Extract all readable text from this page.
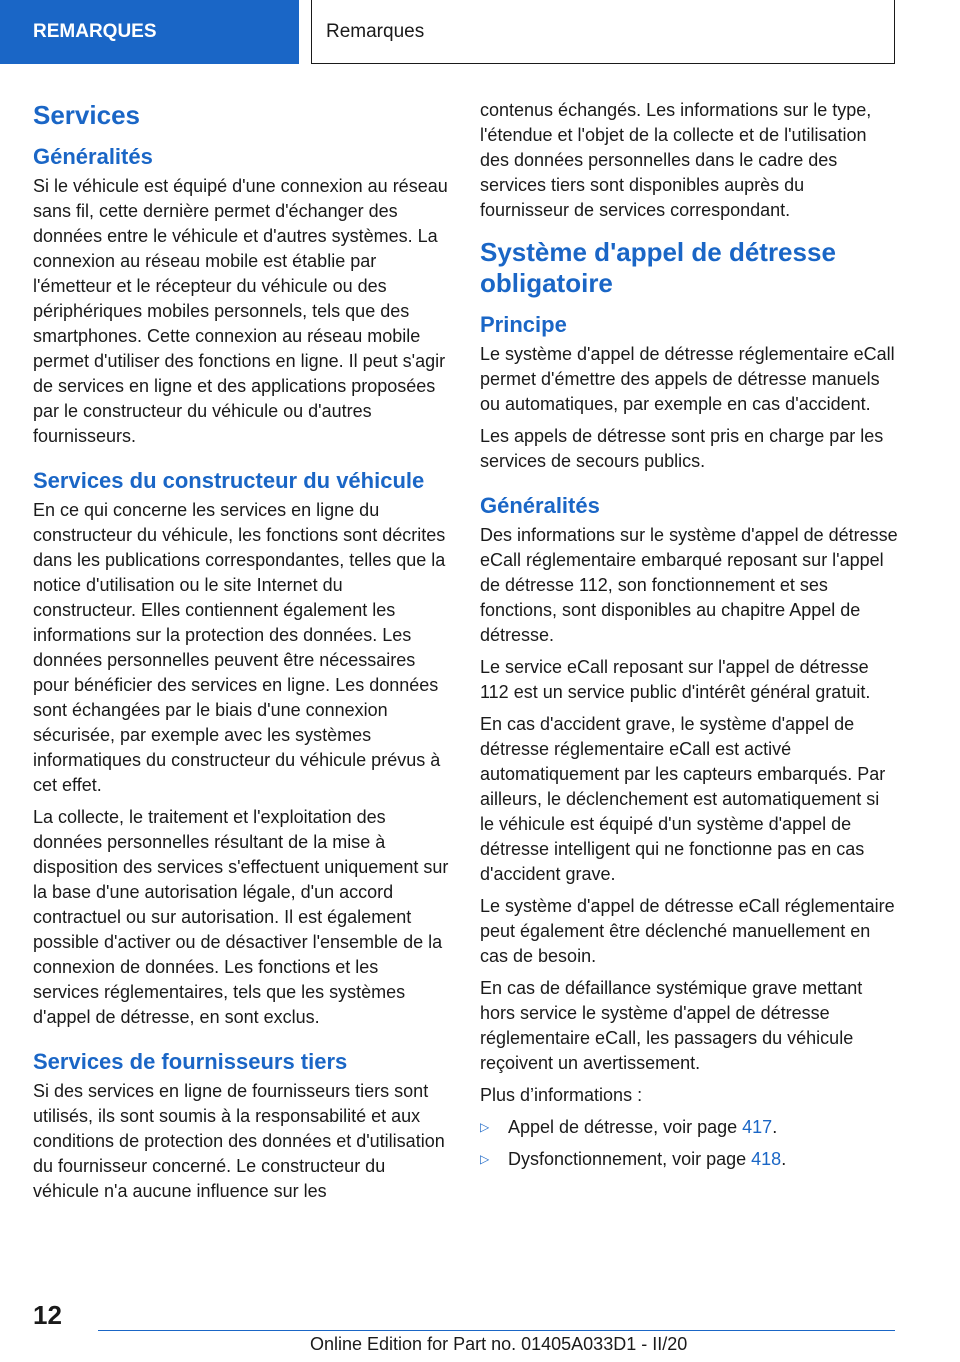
REMARQUES	Remarques
Services
Généralités

Si le véhicule est équipé d'une connexion au réseau sans fil, cette dernière permet d'échanger des données entre le véhicule et d'autres systèmes. La connexion au réseau mobile est établie par l'émetteur et le récepteur du véhicule ou des périphériques mobiles personnels, tels que des smartphones. Cette connexion au réseau mobile permet d'utiliser des fonctions en ligne. Il peut s'agir de services en ligne et des applications proposées par le constructeur du véhicule ou d'autres fournisseurs.

Services du constructeur du véhicule

En ce qui concerne les services en ligne du constructeur du véhicule, les fonctions sont décrites dans les publications correspondantes, telles que la notice d'utilisation ou le site Internet du constructeur. Elles contiennent également les informations sur la protection des données. Les données personnelles peuvent être nécessaires pour bénéficier des services en ligne. Les données sont échangées par le biais d'une connexion sécurisée, par exemple avec les systèmes informatiques du constructeur du véhicule prévus à cet effet.

La collecte, le traitement et l'exploitation des données personnelles résultant de la mise à disposition des services s'effectuent uniquement sur la base d'une autorisation légale, d'un accord contractuel ou sur autorisation. Il est également possible d'activer ou de désactiver l'ensemble de la connexion de données. Les fonctions et les services réglementaires, tels que les systèmes d'appel de détresse, en sont exclus.

Services de fournisseurs tiers

Si des services en ligne de fournisseurs tiers sont utilisés, ils sont soumis à la responsabilité et aux conditions de protection des données et d'utilisation du fournisseur concerné. Le constructeur du véhicule n'a aucune influence sur les

contenus échangés. Les informations sur le type, l'étendue et l'objet de la collecte et de l'utilisation des données personnelles dans le cadre des services tiers sont disponibles auprès du fournisseur de services correspondant.

Système d'appel de détresse obligatoire
Principe

Le système d'appel de détresse réglementaire eCall permet d'émettre des appels de détresse manuels ou automatiques, par exemple en cas d'accident.

Les appels de détresse sont pris en charge par les services de secours publics.

Généralités

Des informations sur le système d'appel de détresse eCall réglementaire embarqué reposant sur l'appel de détresse 112, son fonctionnement et ses fonctions, sont disponibles au chapitre Appel de détresse.

Le service eCall reposant sur l'appel de détresse 112 est un service public d'intérêt général gratuit.

En cas d'accident grave, le système d'appel de détresse réglementaire eCall est activé automatiquement par les capteurs embarqués. Par ailleurs, le déclenchement est automatiquement si le véhicule est équipé d'un système d'appel de détresse intelligent qui ne fonctionne pas en cas d'accident grave.

Le système d'appel de détresse eCall réglementaire peut également être déclenché manuellement en cas de besoin.

En cas de défaillance systémique grave mettant hors service le système d'appel de détresse réglementaire eCall, les passagers du véhicule reçoivent un avertissement.

Plus d’informations :

▷	Appel de détresse, voir page 417.
▷	Dysfonctionnement, voir page 418.
12
Online Edition for Part no. 01405A033D1 - II/20
